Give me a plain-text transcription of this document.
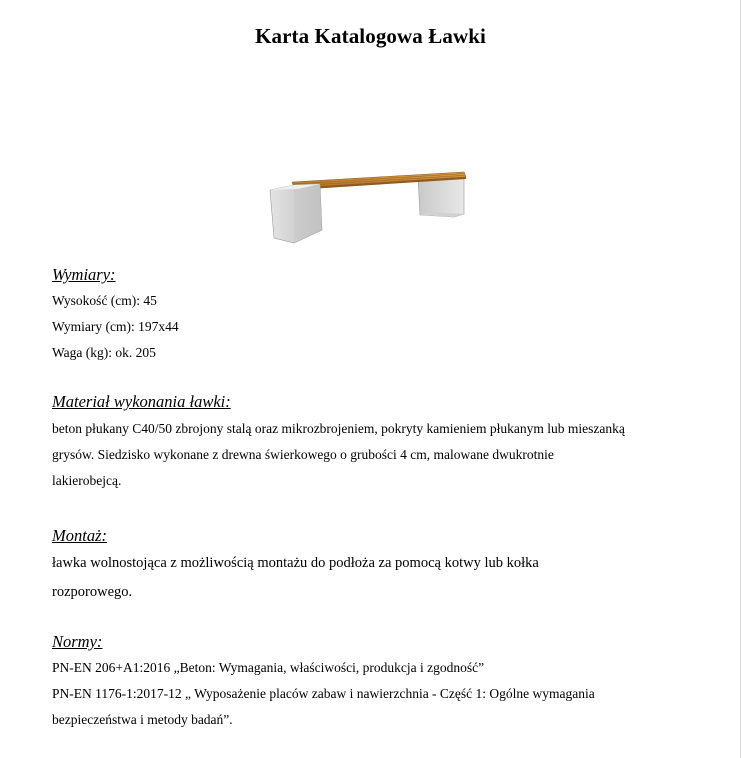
Karta Katalogowa Ławki
Wymiary:
Wysokość (cm): 45
Wymiary (cm): 197x44
Waga (kg): ok. 205
Materiał wykonania ławki:
beton płukany C40/50 zbrojony stalą oraz mikrozbrojeniem, pokryty kamieniem płukanym lub mieszanką
grysów. Siedzisko wykonane z drewna świerkowego o grubości 4 cm, malowane dwukrotnie
lakierobejcą.
Montaż:
ławka wolnostojąca z możliwością montażu do podłoża za pomocą kotwy lub kołka
rozporowego.
Normy:
PN-EN 206+A1:2016 „Beton: Wymagania, właściwości, produkcja i zgodność”
PN-EN 1176-1:2017-12 „ Wyposażenie placów zabaw i nawierzchnia - Część 1: Ogólne wymagania
bezpieczeństwa i metody badań”.
